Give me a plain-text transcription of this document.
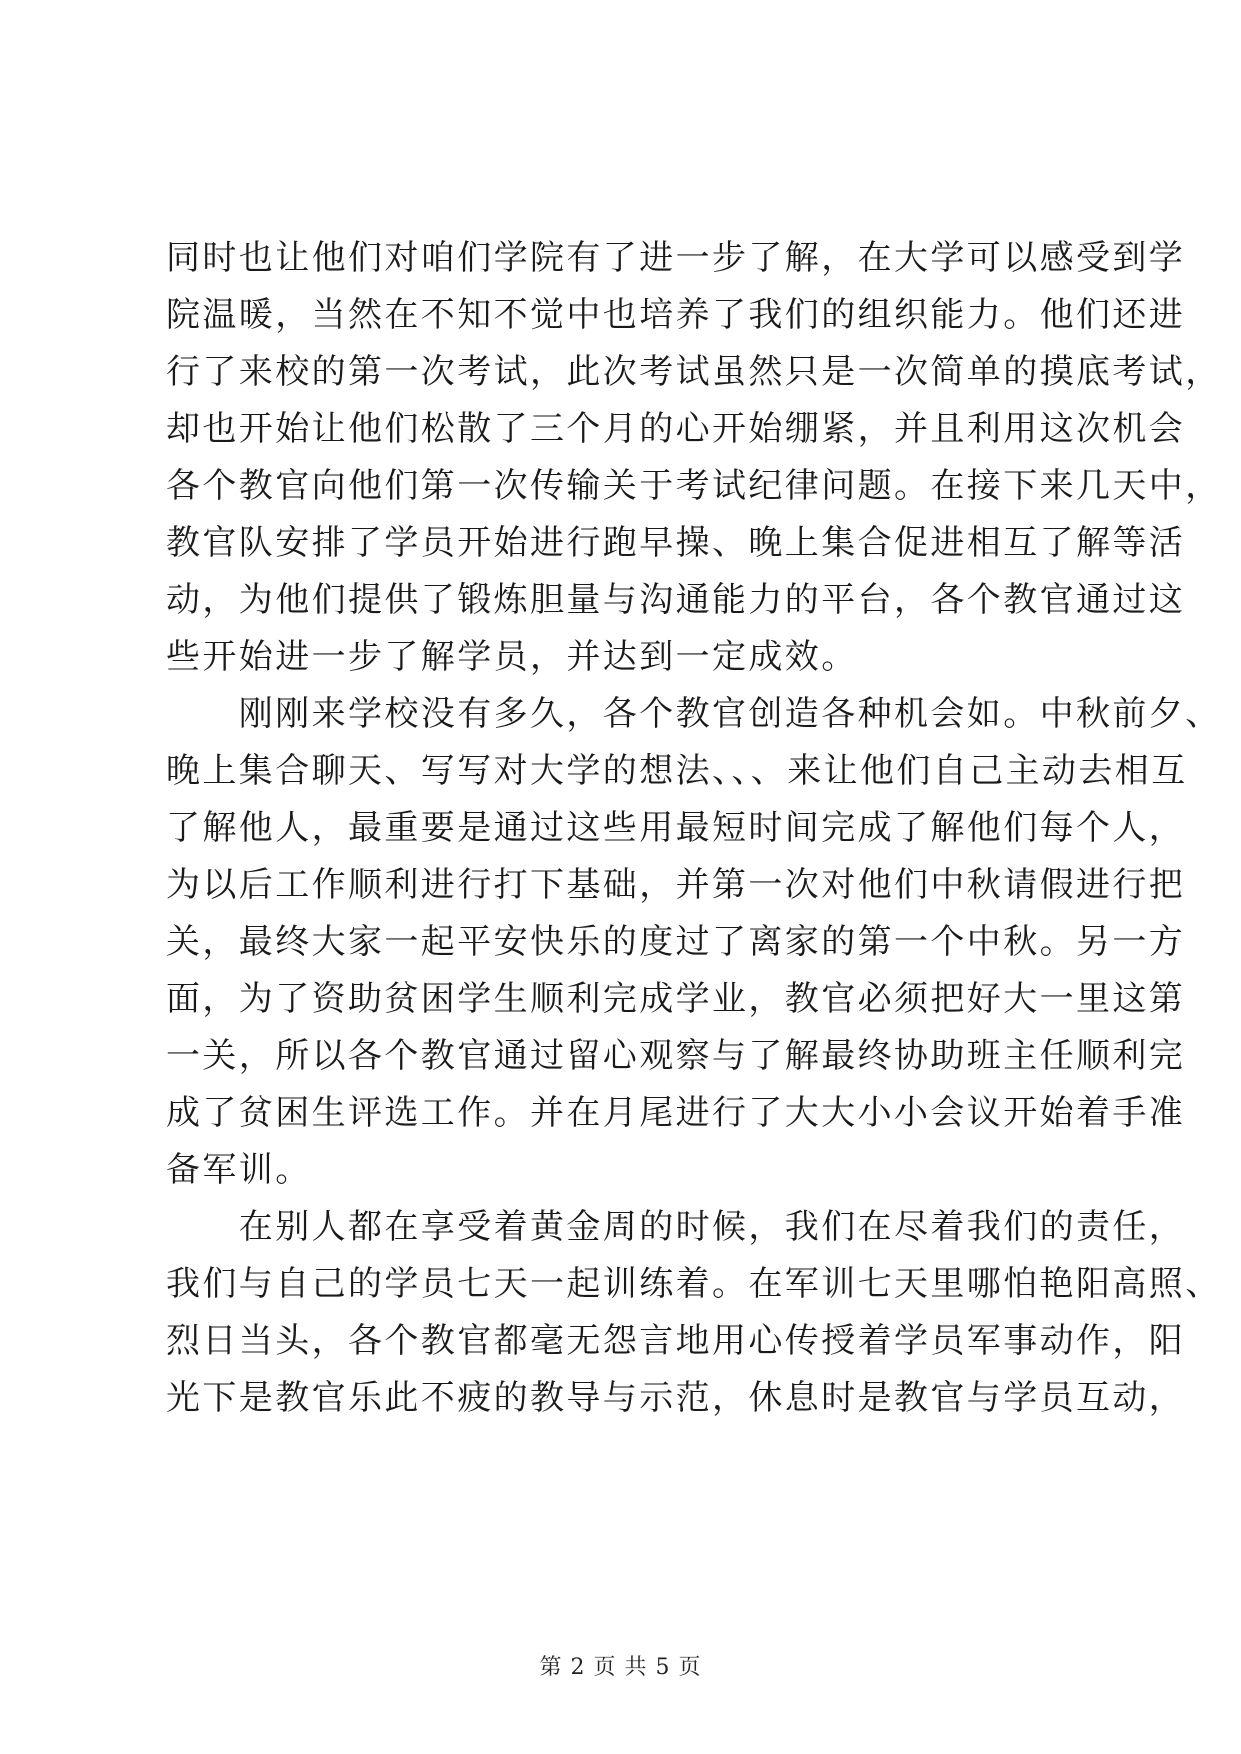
同时也让他们对咱们学院有了进一步了解，在大学可以感受到学
院温暖，当然在不知不觉中也培养了我们的组织能力。他们还进
行了来校的第一次考试，此次考试虽然只是一次简单的摸底考试，
却也开始让他们松散了三个月的心开始绷紧，并且利用这次机会
各个教官向他们第一次传输关于考试纪律问题。在接下来几天中，
教官队安排了学员开始进行跑早操、晚上集合促进相互了解等活
动，为他们提供了锻炼胆量与沟通能力的平台，各个教官通过这
些开始进一步了解学员，并达到一定成效。
　　刚刚来学校没有多久，各个教官创造各种机会如。中秋前夕、
晚上集合聊天、写写对大学的想法、、、来让他们自己主动去相互
了解他人，最重要是通过这些用最短时间完成了解他们每个人，
为以后工作顺利进行打下基础，并第一次对他们中秋请假进行把
关，最终大家一起平安快乐的度过了离家的第一个中秋。另一方
面，为了资助贫困学生顺利完成学业，教官必须把好大一里这第
一关，所以各个教官通过留心观察与了解最终协助班主任顺利完
成了贫困生评选工作。并在月尾进行了大大小小会议开始着手准
备军训。
　　在别人都在享受着黄金周的时候，我们在尽着我们的责任，
我们与自己的学员七天一起训练着。在军训七天里哪怕艳阳高照、
烈日当头，各个教官都毫无怨言地用心传授着学员军事动作，阳
光下是教官乐此不疲的教导与示范，休息时是教官与学员互动，
第 2 页 共 5 页
